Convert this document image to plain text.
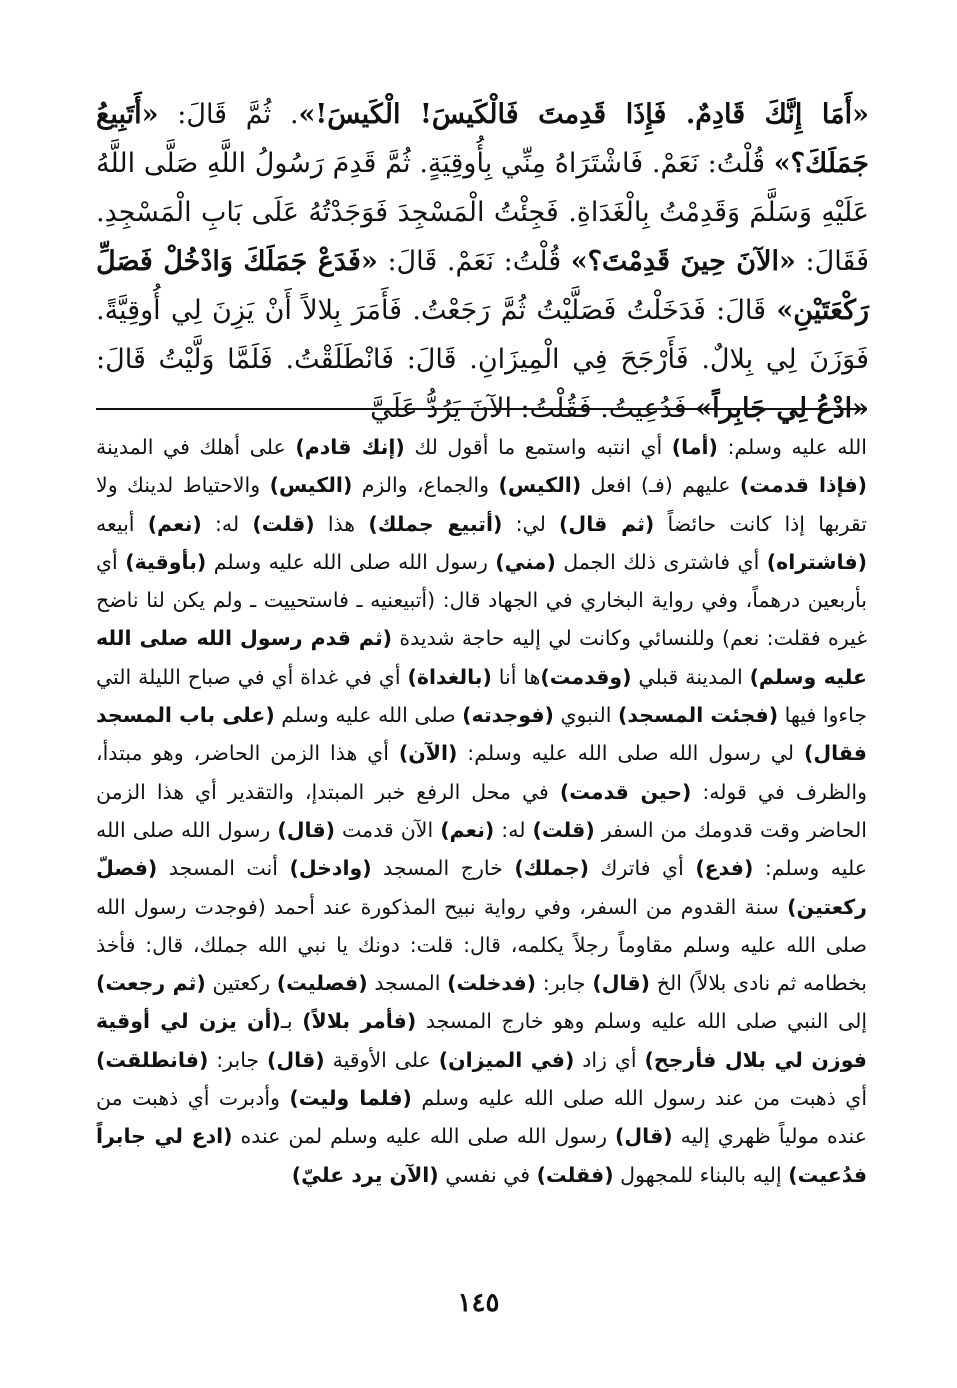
«أَمَا إِنَّكَ قَادِمٌ. فَإِذَا قَدِمتَ فَالْكَيسَ! الْكَيسَ!». ثُمَّ قَالَ: «أَتَبِيعُ جَمَلَكَ؟» قُلْتُ: نَعَمْ. فَاشْتَرَاهُ مِنِّي بِأُوقِيَةٍ. ثُمَّ قَدِمَ رَسُولُ اللَّهِ صَلَّى اللَّهُ عَلَيْهِ وَسَلَّمَ وَقَدِمْتُ بِالْغَدَاةِ. فَجِئْتُ الْمَسْجِدَ فَوَجَدْتُهُ عَلَى بَابِ الْمَسْجِدِ. فَقَالَ: «الآنَ حِينَ قَدِمْتَ؟» قُلْتُ: نَعَمْ. قَالَ: «فَدَعْ جَمَلَكَ وَادْخُلْ فَصَلِّ رَكْعَتَيْنِ» قَالَ: فَدَخَلْتُ فَصَلَّيْتُ ثُمَّ رَجَعْتُ. فَأَمَرَ بِلالاً أَنْ يَزِنَ لِي أُوقِيَّةً. فَوَزَنَ لِي بِلالٌ. فَأَرْجَحَ فِي الْمِيزَانِ. قَالَ: فَانْطَلَقْتُ. فَلَمَّا وَلَّيْتُ قَالَ: «ادْعُ لِي جَابِراً» فَدُعِيتُ. فَقُلْتُ: الآنَ يَرُدُّ عَلَيَّ

الله عليه وسلم: (أما) أي انتبه واستمع ما أقول لك (إنك قادم) على أهلك في المدينة (فإذا قدمت) عليهم (فـ) افعل (الكيس) والجماع، والزم (الكيس) والاحتياط لدينك ولا تقربها إذا كانت حائضاً (ثم قال) لي: (أتبيع جملك) هذا (قلت) له: (نعم) أبيعه (فاشتراه) أي فاشترى ذلك الجمل (مني) رسول الله صلى الله عليه وسلم (بأوقية) أي بأربعين درهماً، وفي رواية البخاري في الجهاد قال: (أتبيعنيه ـ فاستحييت ـ ولم يكن لنا ناضح غيره فقلت: نعم) وللنسائي وكانت لي إليه حاجة شديدة (ثم قدم رسول الله صلى الله عليه وسلم) المدينة قبلي (وقدمت)ها أنا (بالغداة) أي في غداة أي في صباح الليلة التي جاءوا فيها (فجئت المسجد) النبوي (فوجدته) صلى الله عليه وسلم (على باب المسجد فقال) لي رسول الله صلى الله عليه وسلم: (الآن) أي هذا الزمن الحاضر، وهو مبتدأ، والظرف في قوله: (حين قدمت) في محل الرفع خبر المبتدإ، والتقدير أي هذا الزمن الحاضر وقت قدومك من السفر (قلت) له: (نعم) الآن قدمت (قال) رسول الله صلى الله عليه وسلم: (فدع) أي فاترك (جملك) خارج المسجد (وادخل) أنت المسجد (فصلّ ركعتين) سنة القدوم من السفر، وفي رواية نبيح المذكورة عند أحمد (فوجدت رسول الله صلى الله عليه وسلم مقاوماً رجلاً يكلمه، قال: قلت: دونك يا نبي الله جملك، قال: فأخذ بخطامه ثم نادى بلالاً) الخ (قال) جابر: (فدخلت) المسجد (فصليت) ركعتين (ثم رجعت) إلى النبي صلى الله عليه وسلم وهو خارج المسجد (فأمر بلالاً) بـ(أن يزن لي أوقية فوزن لي بلال فأرجح) أي زاد (في الميزان) على الأوقية (قال) جابر: (فانطلقت) أي ذهبت من عند رسول الله صلى الله عليه وسلم (فلما وليت) وأدبرت أي ذهبت من عنده مولياً ظهري إليه (قال) رسول الله صلى الله عليه وسلم لمن عنده (ادع لي جابراً فدُعيت) إليه بالبناء للمجهول (فقلت) في نفسي (الآن يرد عليّ)

١٤٥
